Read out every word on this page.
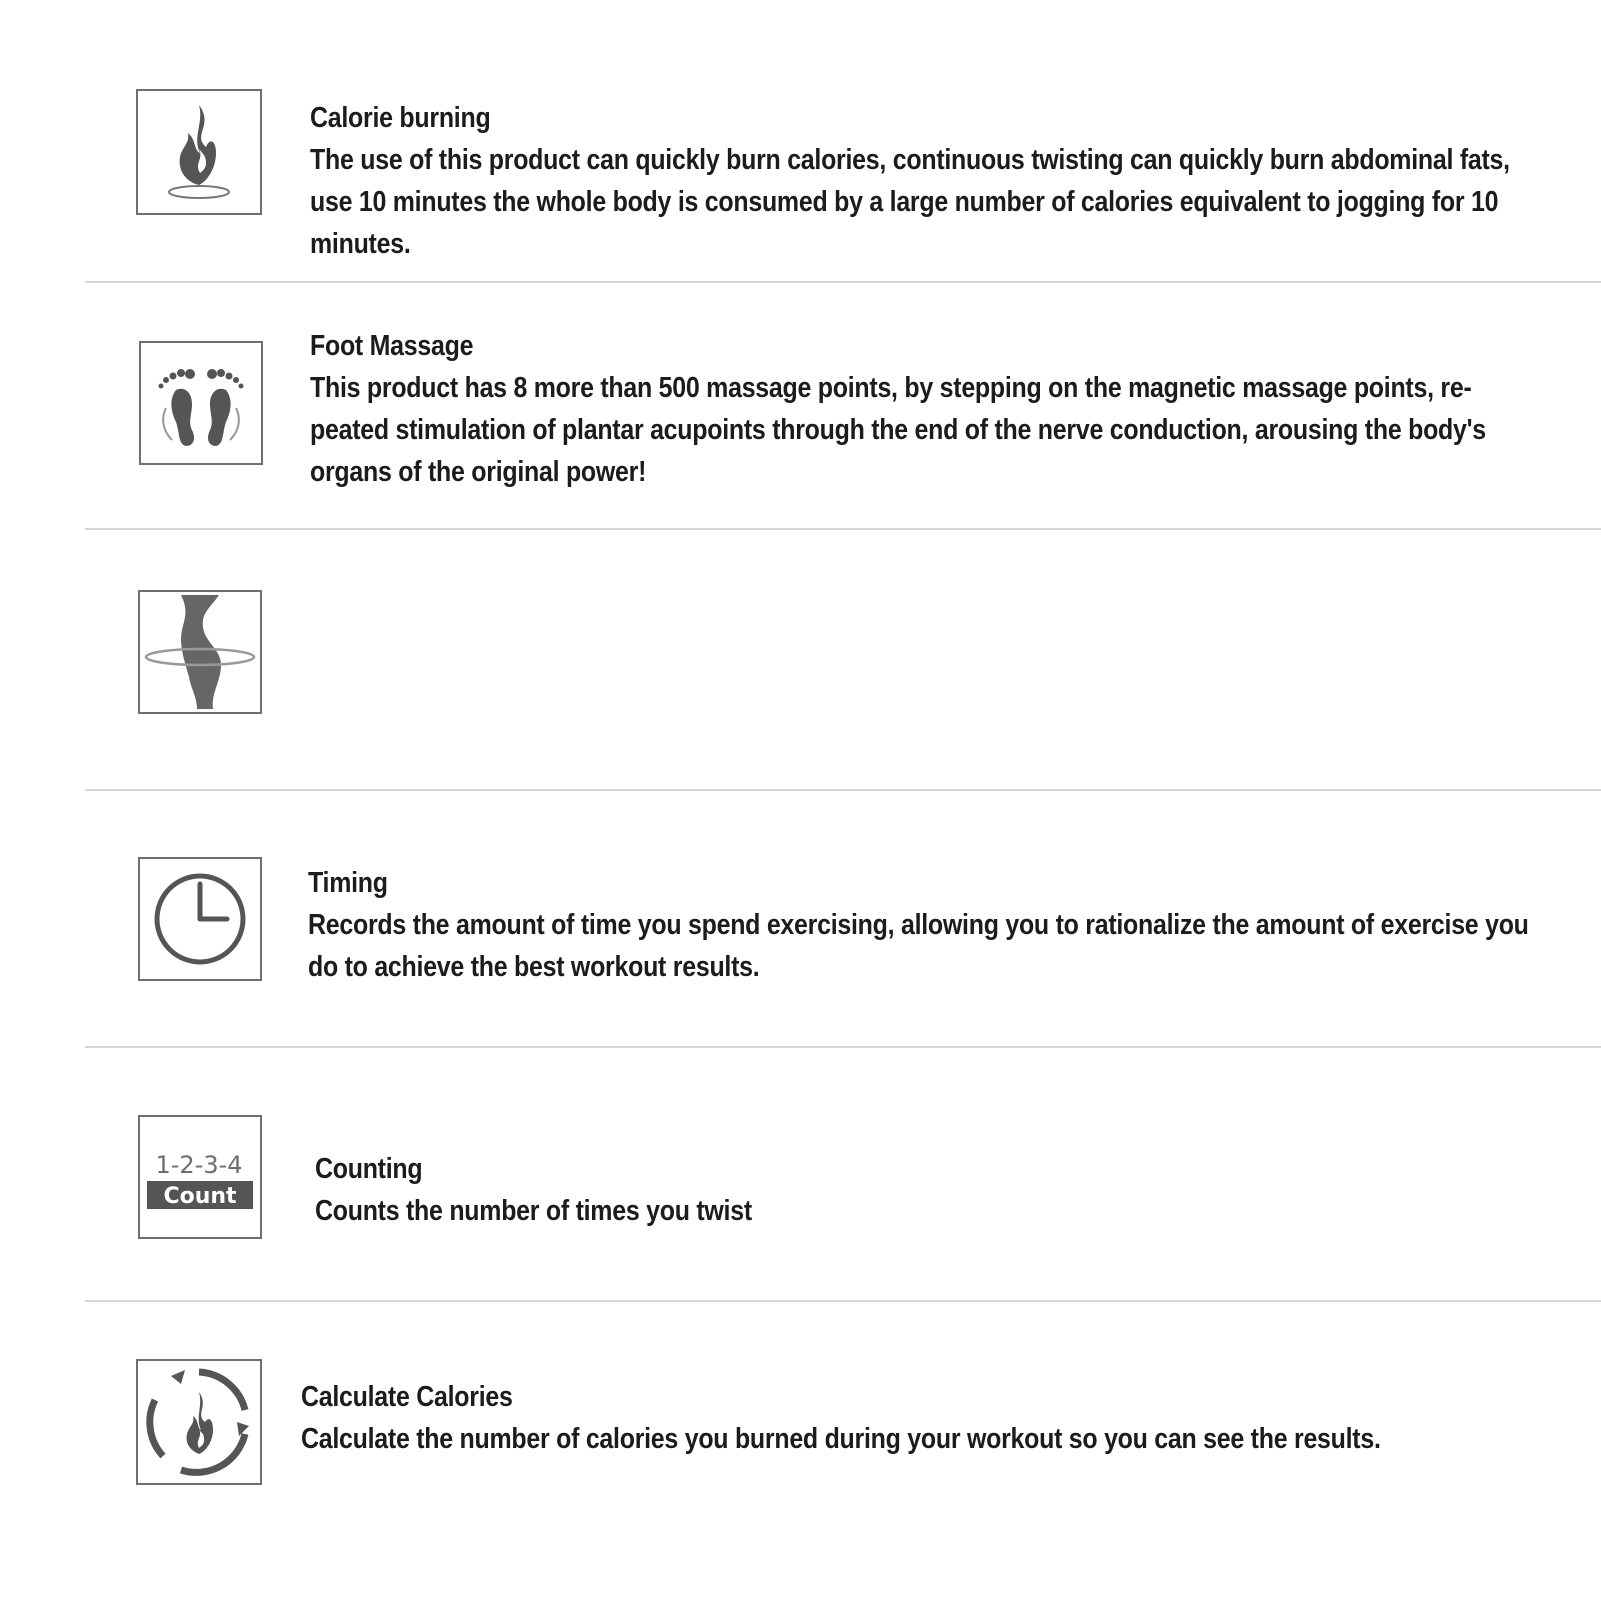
Calorie burning
The use of this product can quickly burn calories, continuous twisting can quickly burn abdominal fats, use 10 minutes the whole body is consumed by a large number of calories equivalent to jogging for 10 minutes.
Foot Massage
This product has 8 more than 500 massage points, by stepping on the magnetic massage points, re- peated stimulation of plantar acupoints through the end of the nerve conduction, arousing the body's organs of the original power!
Timing
Records the amount of time you spend exercising, allowing you to rationalize the amount of exercise you do to achieve the best workout results.
1-2-3-4
Count
Counting
Counts the number of times you twist
Calculate Calories
Calculate the number of calories you burned during your workout so you can see the results.
